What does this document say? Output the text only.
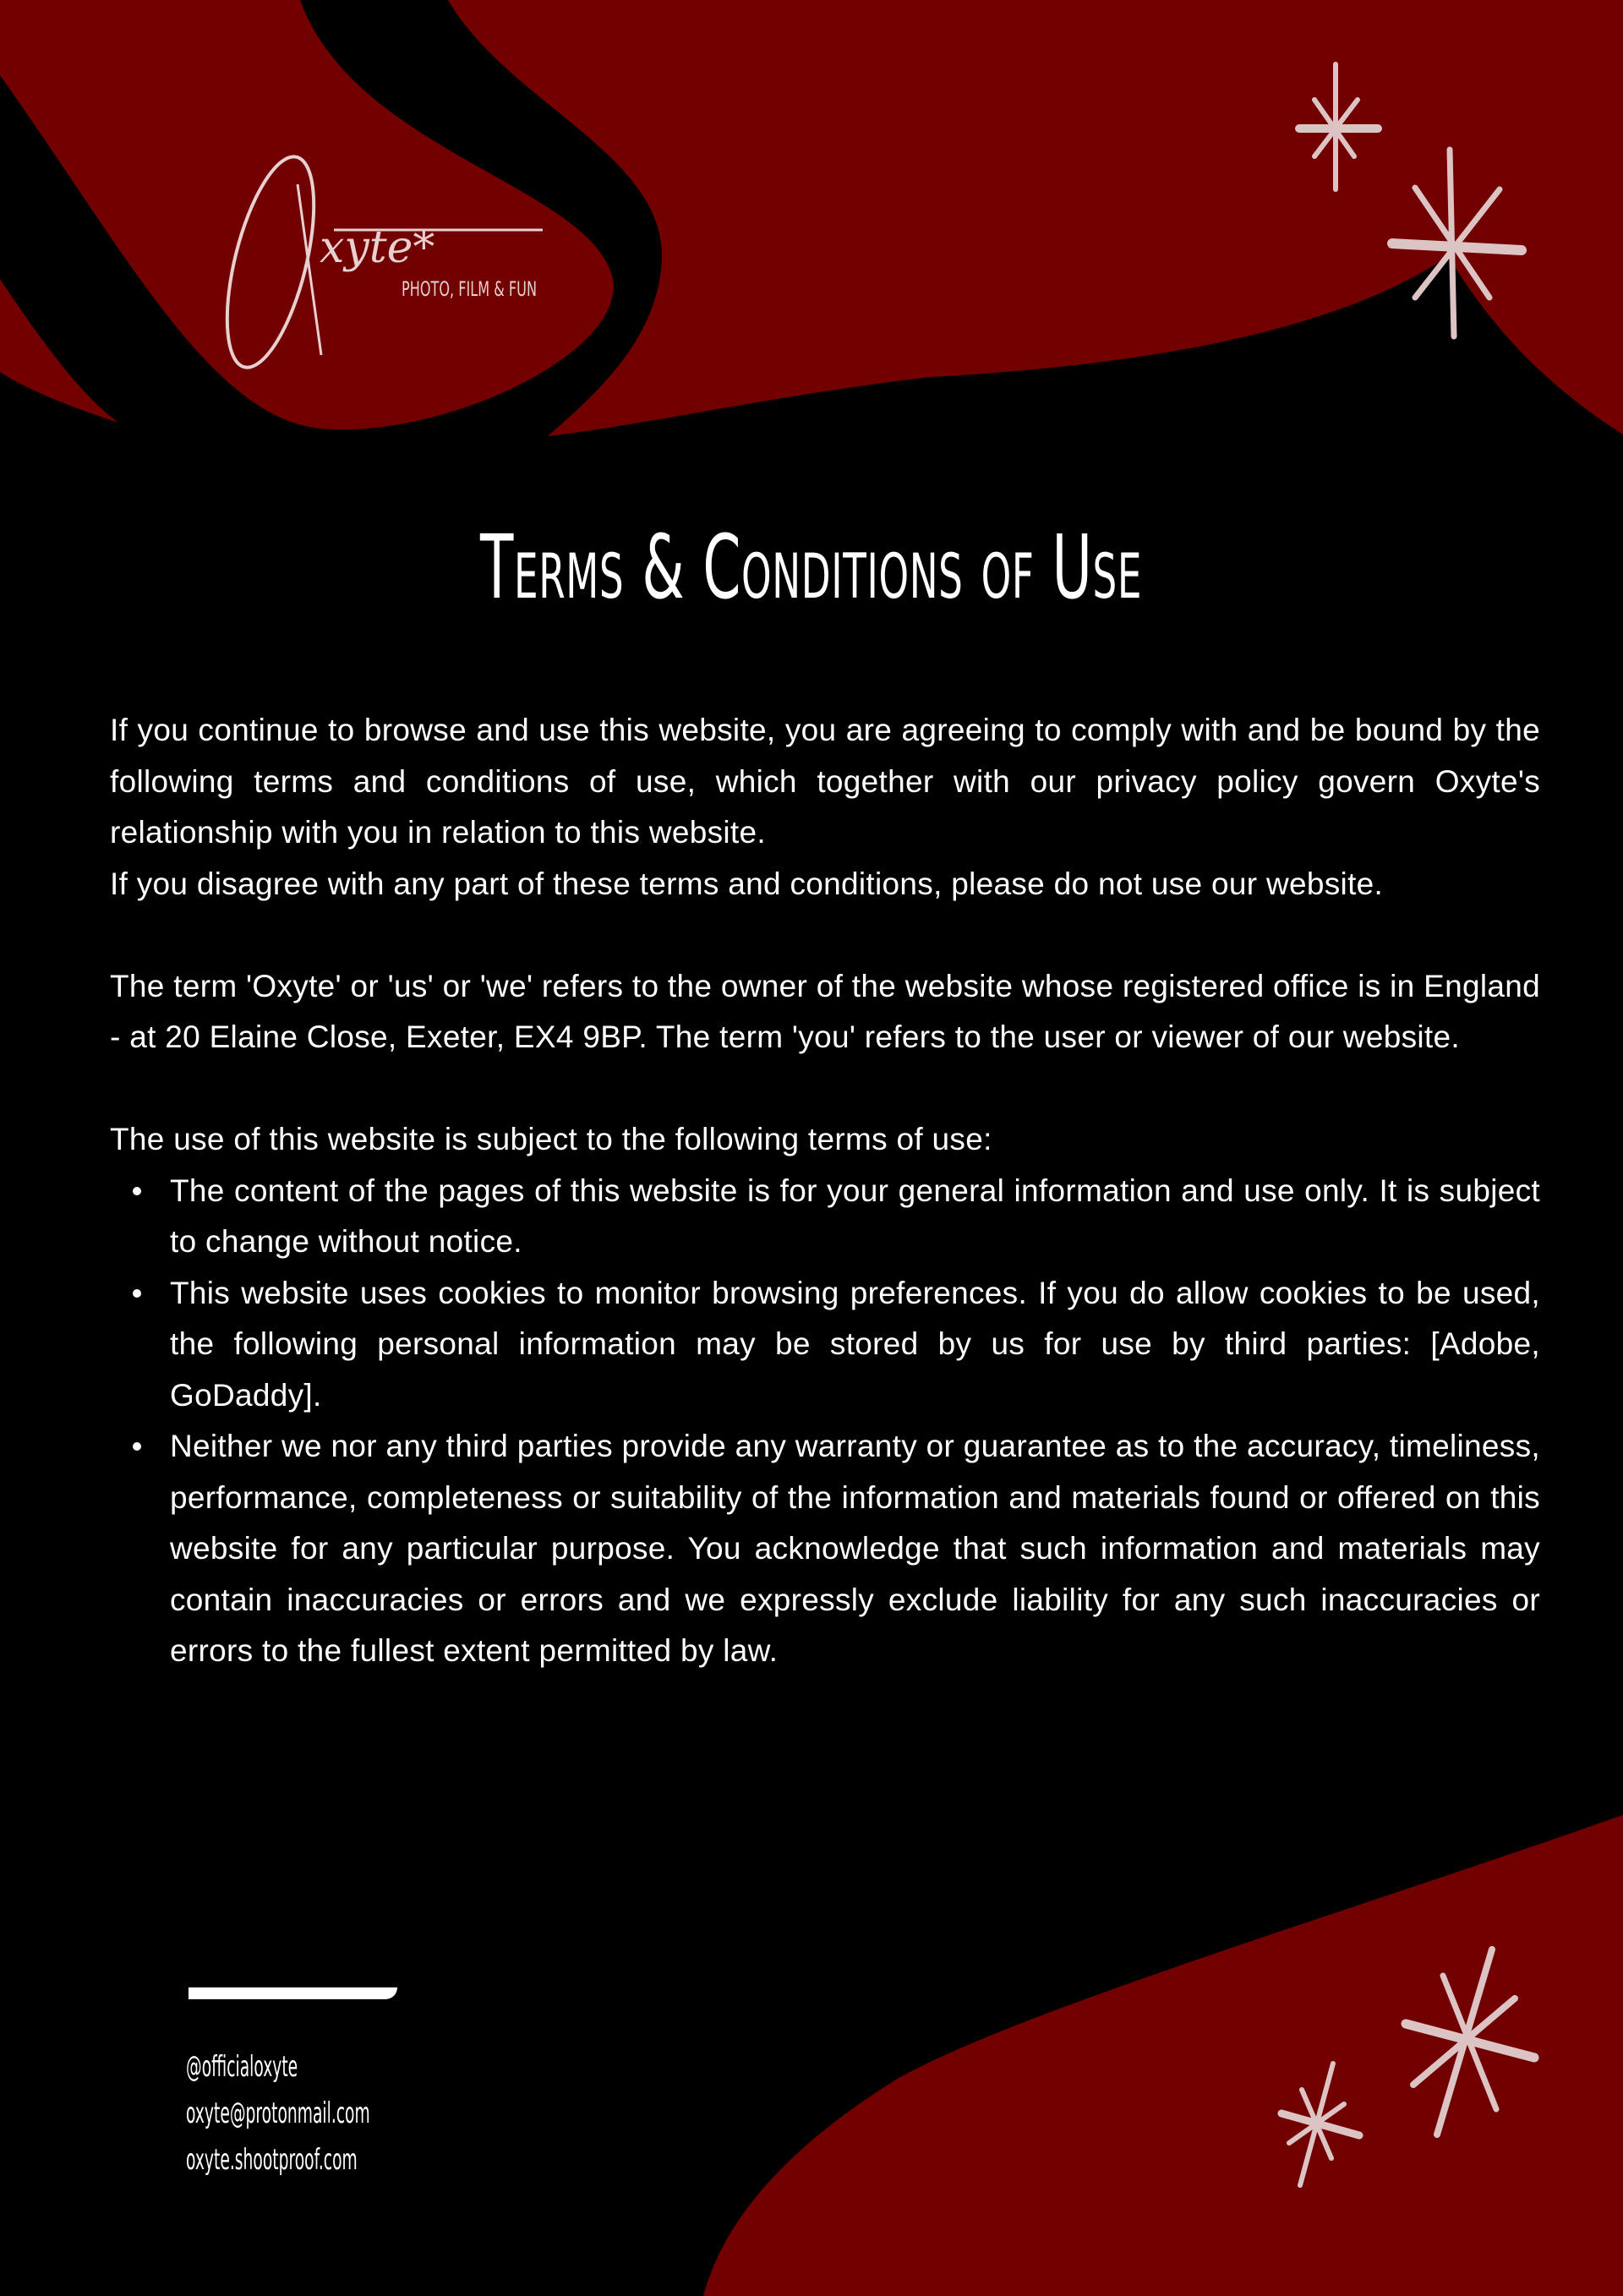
xyte*
PHOTO, FILM & FUN
Terms & Conditions of Use

If you continue to browse and use this website, you are agreeing to comply with and be bound by the following terms and conditions of use, which together with our privacy policy govern Oxyte's relationship with you in relation to this website.

If you disagree with any part of these terms and conditions, please do not use our website.

The term 'Oxyte' or 'us' or 'we' refers to the owner of the website whose registered office is in England - at 20 Elaine Close, Exeter, EX4 9BP. The term 'you' refers to the user or viewer of our website.

The use of this website is subject to the following terms of use:

The content of the pages of this website is for your general information and use only. It is subject to change without notice.
This website uses cookies to monitor browsing preferences. If you do allow cookies to be used, the following personal information may be stored by us for use by third parties: [Adobe, GoDaddy].
Neither we nor any third parties provide any warranty or guarantee as to the accuracy, timeliness, performance, completeness or suitability of the information and materials found or offered on this website for any particular purpose. You acknowledge that such information and materials may contain inaccuracies or errors and we expressly exclude liability for any such inaccuracies or errors to the fullest extent permitted by law.
@officialoxyte
oxyte@protonmail.com
oxyte.shootproof.com
